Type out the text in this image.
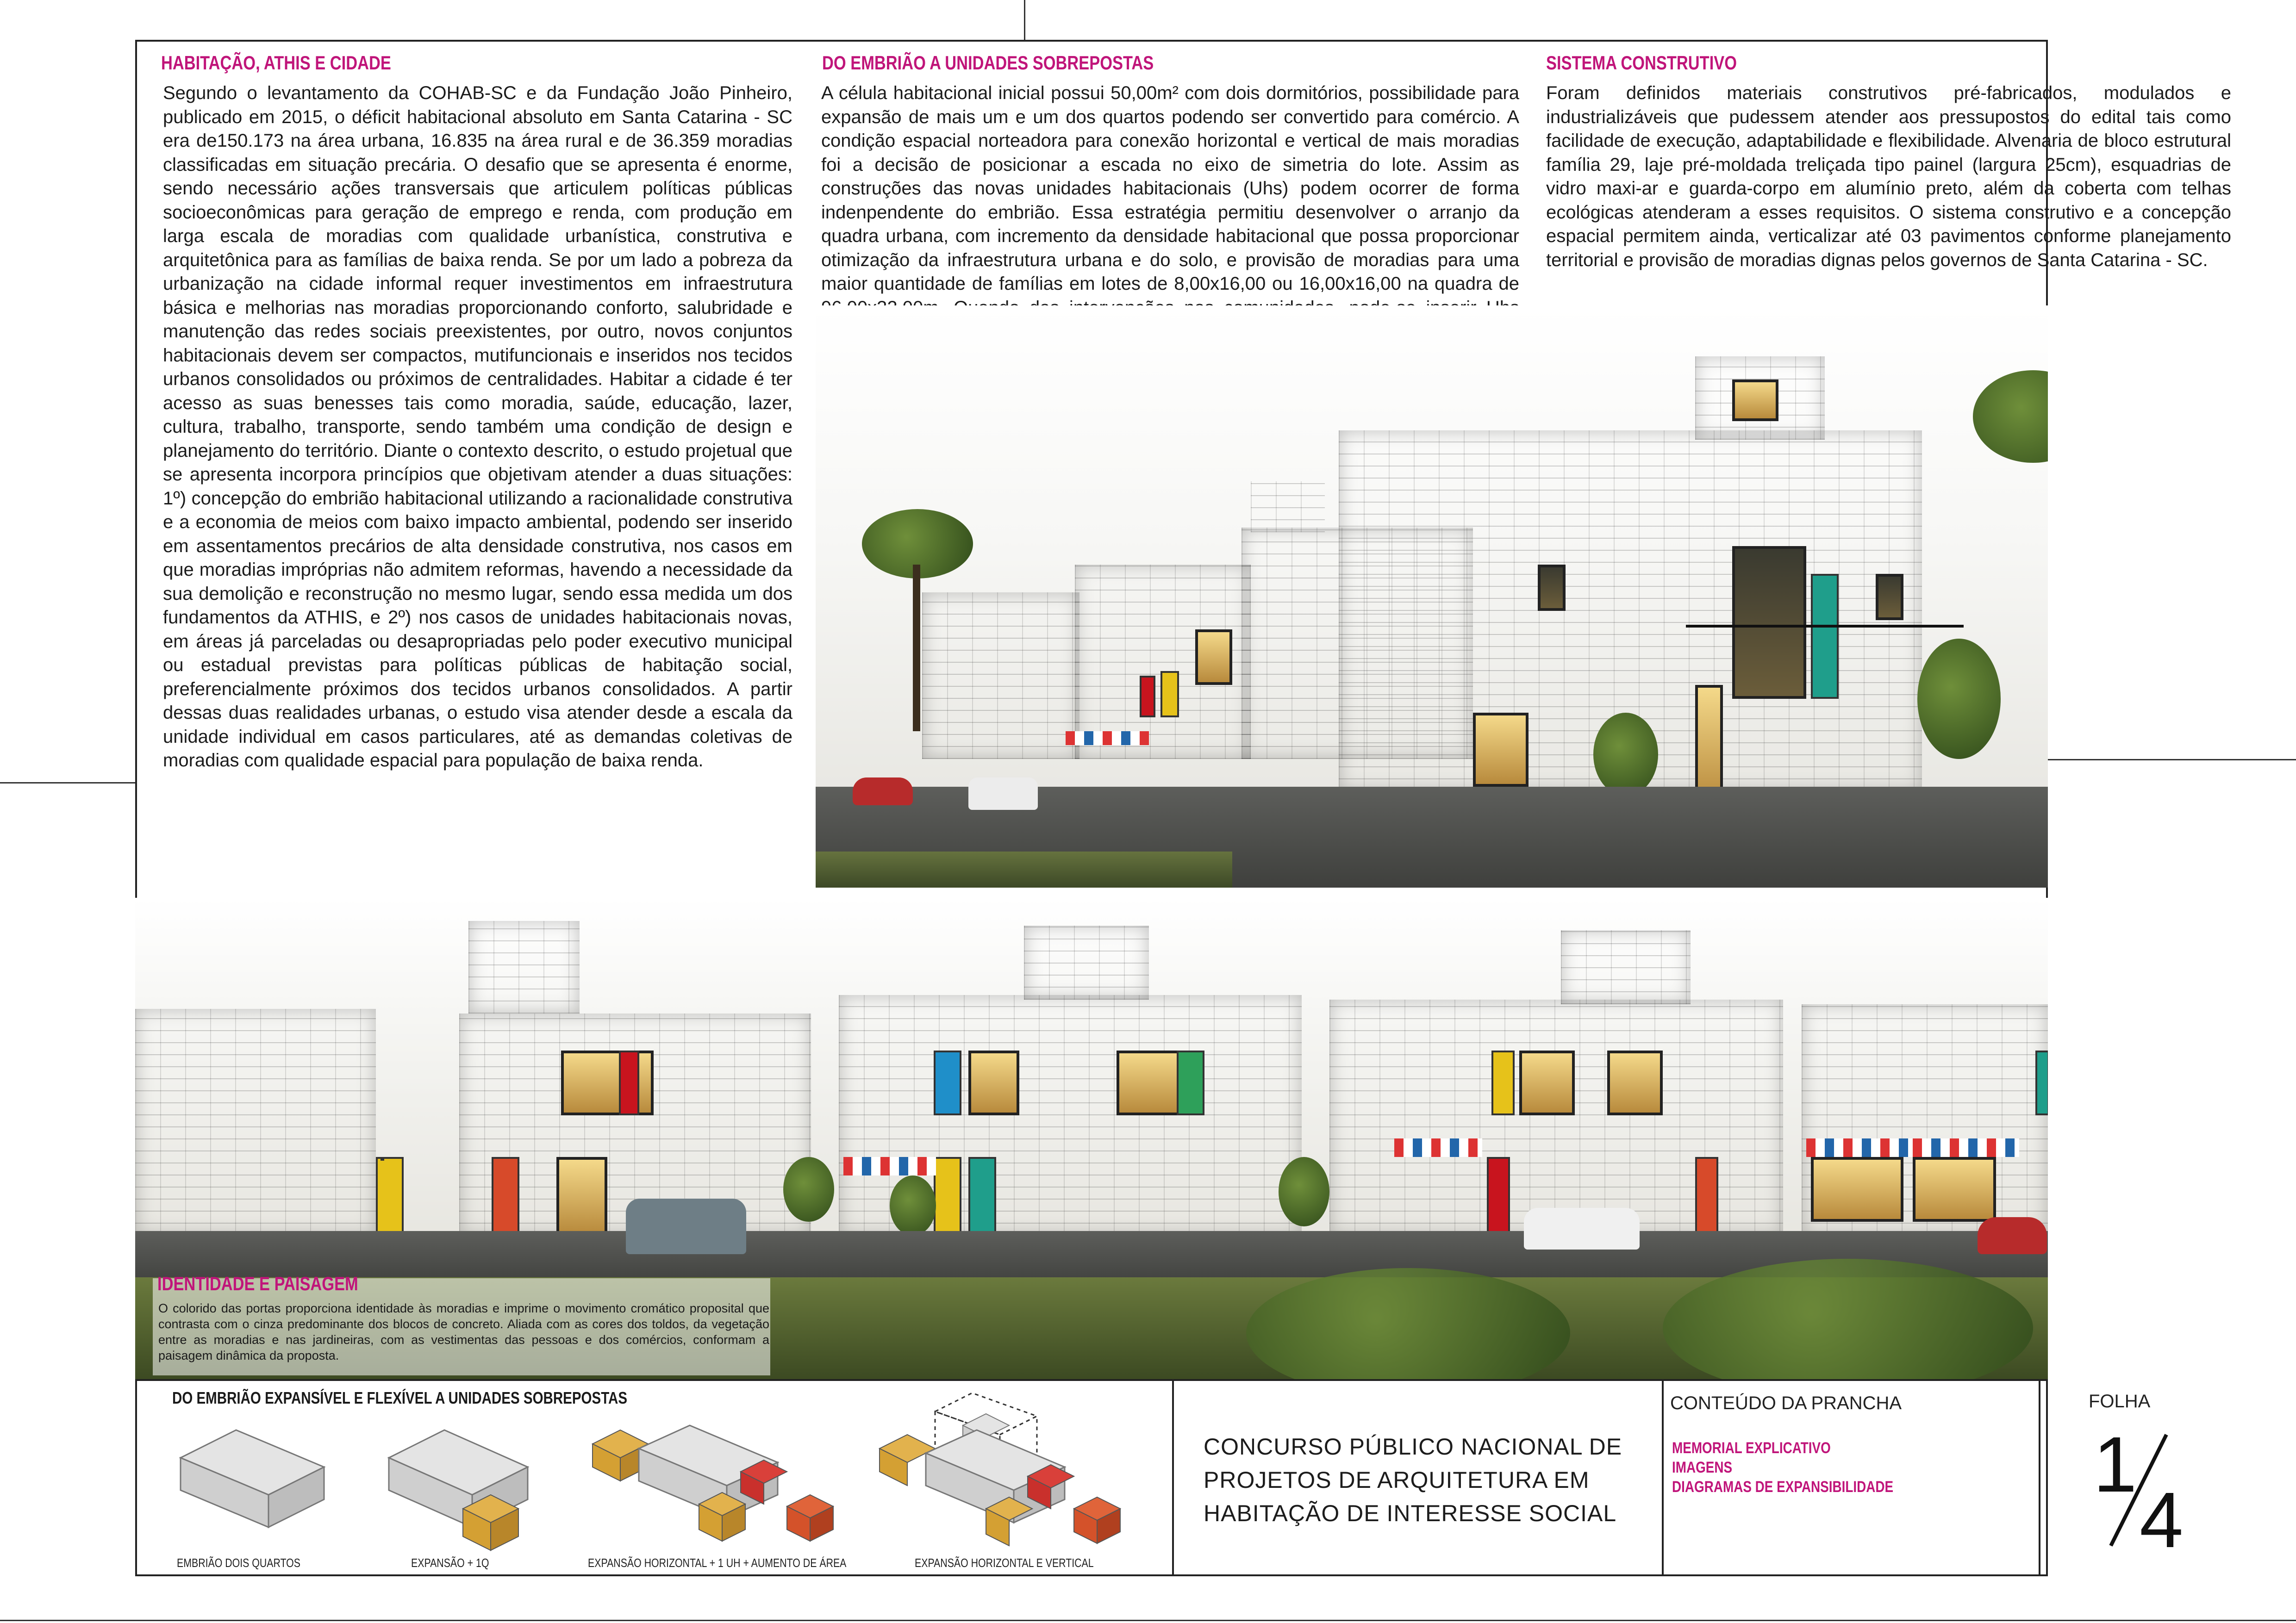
HABITAÇÃO, ATHIS E CIDADE
Segundo o levantamento da COHAB-SC e da Fundação João Pinheiro, publicado em 2015, o déficit habitacional absoluto em Santa Catarina - SC era de150.173 na área urbana, 16.835 na área rural e de 36.359 moradias classificadas em situação precária. O desafio que se apresenta é enorme, sendo necessário ações transversais que articulem políticas públicas socioeconômicas para geração de emprego e renda, com produção em larga escala de moradias com qualidade urbanística, construtiva e arquitetônica para as famílias de baixa renda. Se por um lado a pobreza da urbanização na cidade informal requer investimentos em infraestrutura básica e melhorias nas moradias proporcionando conforto, salubridade e manutenção das redes sociais preexistentes, por outro, novos conjuntos habitacionais devem ser compactos, mutifuncionais e inseridos nos tecidos urbanos consolidados ou próximos de centralidades. Habitar a cidade é ter acesso as suas benesses tais como moradia, saúde, educação, lazer, cultura, trabalho, transporte, sendo também uma condição de design e planejamento do território. Diante o contexto descrito, o estudo projetual que se apresenta incorpora princípios que objetivam atender a duas situações: 1º) concepção do embrião habitacional utilizando a racionalidade construtiva e a economia de meios com baixo impacto ambiental, podendo ser inserido em assentamentos precários de alta densidade construtiva, nos casos em que moradias impróprias não admitem reformas, havendo a necessidade da sua demolição e reconstrução no mesmo lugar, sendo essa medida um dos fundamentos da ATHIS, e 2º) nos casos de unidades habitacionais novas, em áreas já parceladas ou desapropriadas pelo poder executivo municipal ou estadual previstas para políticas públicas de habitação social, preferencialmente próximos dos tecidos urbanos consolidados. A partir dessas duas realidades urbanas, o estudo visa atender desde a escala da unidade individual em casos particulares, até as demandas coletivas de moradias com qualidade espacial para população de baixa renda.
DO EMBRIÃO A UNIDADES SOBREPOSTAS
A célula habitacional inicial possui 50,00m² com dois dormitórios, possibilidade para expansão de mais um e um dos quartos podendo ser convertido para comércio. A condição espacial norteadora para conexão horizontal e vertical de mais moradias foi a decisão de posicionar a escada no eixo de simetria do lote. Assim as construções das novas unidades habitacionais (Uhs) podem ocorrer de forma indenpendente do embrião. Essa estratégia permitiu desenvolver o arranjo da quadra urbana, com incremento da densidade habitacional que possa proporcionar otimização da infraestrutura urbana e do solo, e provisão de moradias para uma maior quantidade de famílias em lotes de 8,00x16,00 ou 16,00x16,00 na quadra de
SISTEMA CONSTRUTIVO
Foram definidos materiais construtivos pré-fabricados, modulados e industrializáveis que pudessem atender aos pressupostos do edital tais como facilidade de execução, adaptabilidade e flexibilidade. Alvenaria de bloco estrutural família 29, laje pré-moldada treliçada tipo painel (largura 25cm), esquadrias de vidro maxi-ar e guarda-corpo em alumínio preto, além da coberta com telhas ecológicas atenderam a esses requisitos. O sistema construtivo e a concepção espacial permitem ainda, verticalizar até 03 pavimentos conforme planejamento territorial e provisão de moradias dignas pelos governos de Santa Catarina - SC.
IDENTIDADE E PAISAGEM
O colorido das portas proporciona identidade às moradias e imprime o movimento cromático proposital que contrasta com o cinza predominante dos blocos de concreto. Aliada com as cores dos toldos, da vegetação entre as moradias e nas jardineiras, com as vestimentas das pessoas e dos comércios, conformam a paisagem dinâmica da proposta.
DO EMBRIÃO EXPANSÍVEL E FLEXÍVEL A UNIDADES SOBREPOSTAS
EMBRIÃO DOIS QUARTOS	EXPANSÃO + 1Q	EXPANSÃO HORIZONTAL + 1 UH + AUMENTO DE ÁREA	EXPANSÃO HORIZONTAL E VERTICAL
CONCURSO PÚBLICO NACIONAL DE
PROJETOS DE ARQUITETURA EM
HABITAÇÃO DE INTERESSE SOCIAL
CONTEÚDO DA PRANCHA
MEMORIAL EXPLICATIVO
IMAGENS
DIAGRAMAS DE EXPANSIBILIDADE
FOLHA
1
4
